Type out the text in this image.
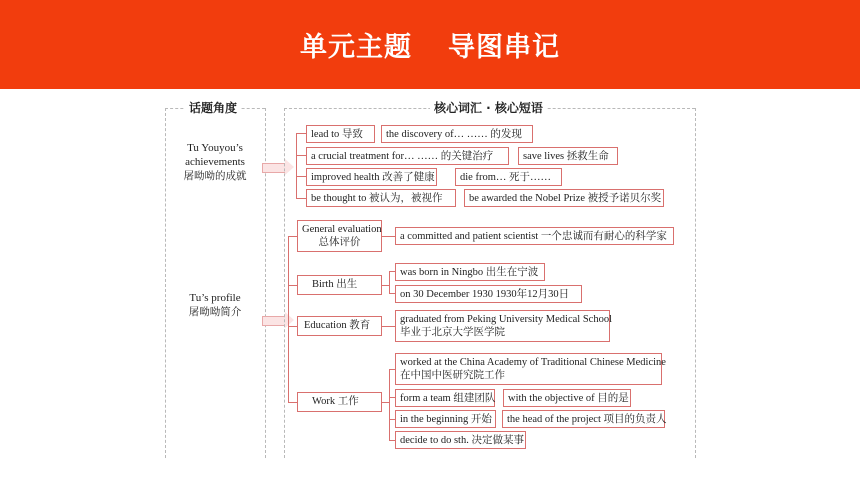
单元主题 导图串记
话题角度
Tu Youyou’s
achievements
屠呦呦的成就
Tu’s profile
屠呦呦简介
核心词汇 · 核心短语
lead to 导致	the discovery of… …… 的发现
a crucial treatment for… …… 的关键治疗	save lives 拯救生命
improved health 改善了健康	die from… 死于……
be thought to 被认为，被视作	be awarded the Nobel Prize 被授予诺贝尔奖
General evaluation
总体评价
a committed and patient scientist 一个忠诚而有耐心的科学家
Birth 出生
was born in Ningbo 出生在宁波
on 30 December 1930 1930年12月30日
Education 教育
graduated from Peking University Medical School
毕业于北京大学医学院
Work 工作
worked at the China Academy of Traditional Chinese Medicine
在中国中医研究院工作
form a team 组建团队	with the objective of 目的是
in the beginning 开始	the head of the project 项目的负责人
decide to do sth. 决定做某事
